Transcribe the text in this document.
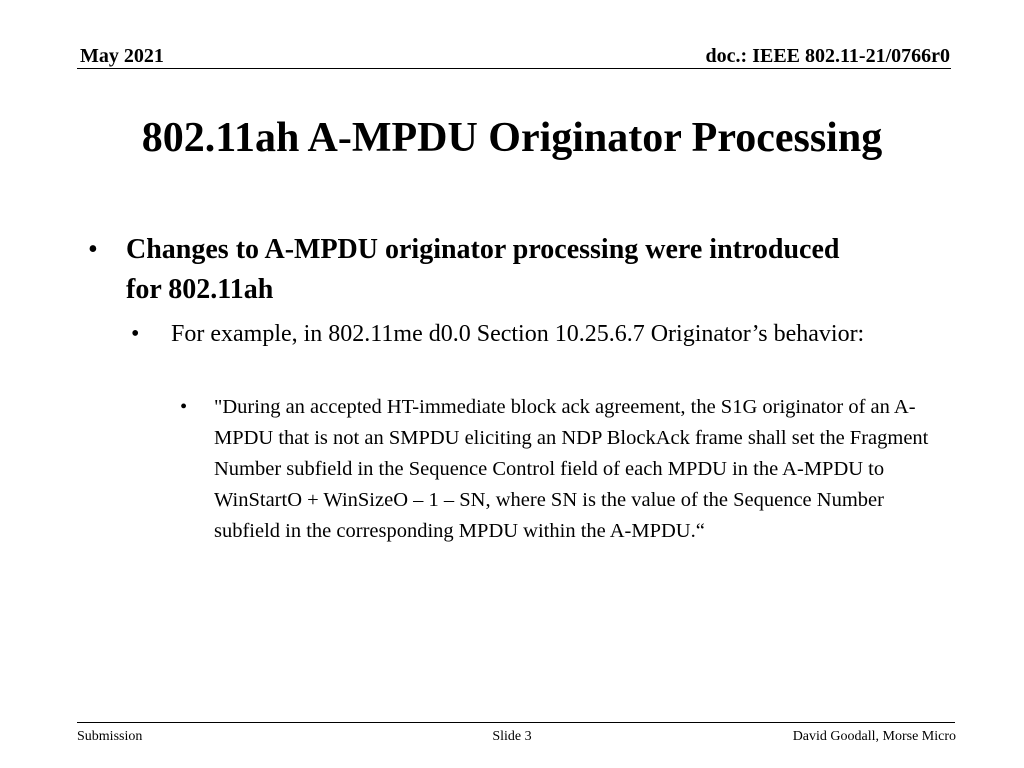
May 2021	doc.: IEEE 802.11-21/0766r0
802.11ah A-MPDU Originator Processing
• Changes to A-MPDU originator processing were introduced for 802.11ah
• For example, in 802.11me d0.0 Section 10.25.6.7 Originator’s behavior:
• "During an accepted HT-immediate block ack agreement, the S1G originator of an A-MPDU that is not an SMPDU eliciting an NDP BlockAck frame shall set the Fragment Number subfield in the Sequence Control field of each MPDU in the A-MPDU to WinStartO + WinSizeO – 1 – SN, where SN is the value of the Sequence Number subfield in the corresponding MPDU within the A-MPDU.“
Submission	Slide 3	David Goodall, Morse Micro
